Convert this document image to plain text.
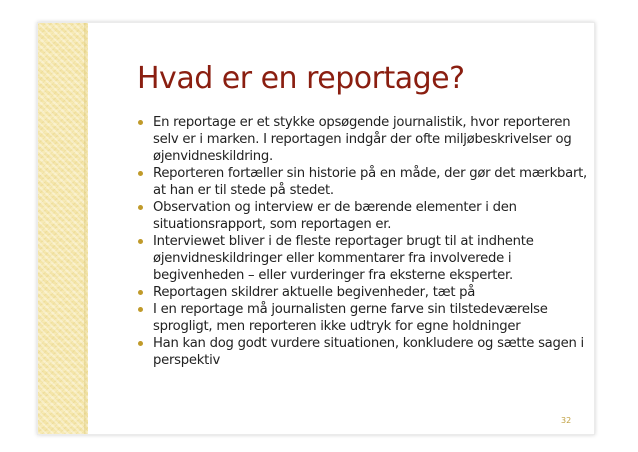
Hvad er en reportage?
En reportage er et stykke opsøgende journalistik, hvor reporteren selv er i marken. I reportagen indgår der ofte miljøbeskrivelser og øjenvidneskildring.
Reporteren fortæller sin historie på en måde, der gør det mærkbart, at han er til stede på stedet.
Observation og interview er de bærende elementer i den situationsrapport, som reportagen er.
Interviewet bliver i de fleste reportager brugt til at indhente øjenvidneskildringer eller kommentarer fra involverede i begivenheden – eller vurderinger fra eksterne eksperter.
Reportagen skildrer aktuelle begivenheder, tæt på
I en reportage må journalisten gerne farve sin tilstedeværelse sprogligt, men reporteren ikke udtryk for egne holdninger
Han kan dog godt vurdere situationen, konkludere og sætte sagen i perspektiv
32
